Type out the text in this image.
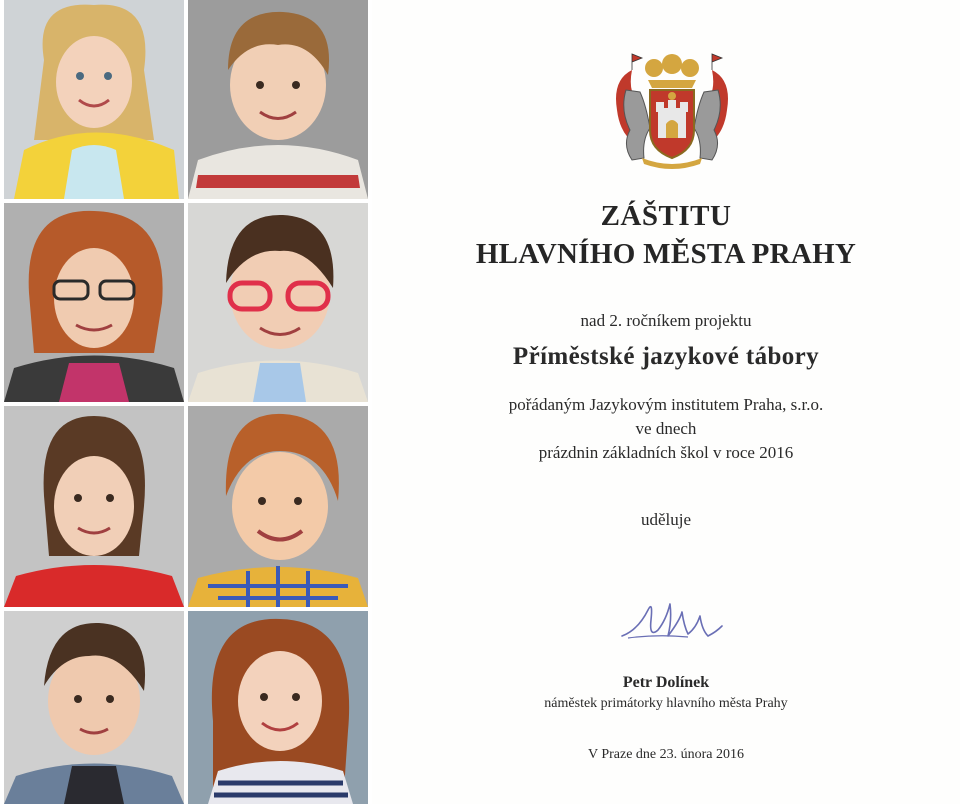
ZÁŠTITU
HLAVNÍHO MĚSTA PRAHY
nad 2. ročníkem projektu
Příměstské jazykové tábory
pořádaným Jazykovým institutem Praha, s.r.o.
ve dnech
prázdnin základních škol v roce 2016
uděluje
Petr Dolínek
náměstek primátorky hlavního města Prahy
V Praze dne 23. února 2016
